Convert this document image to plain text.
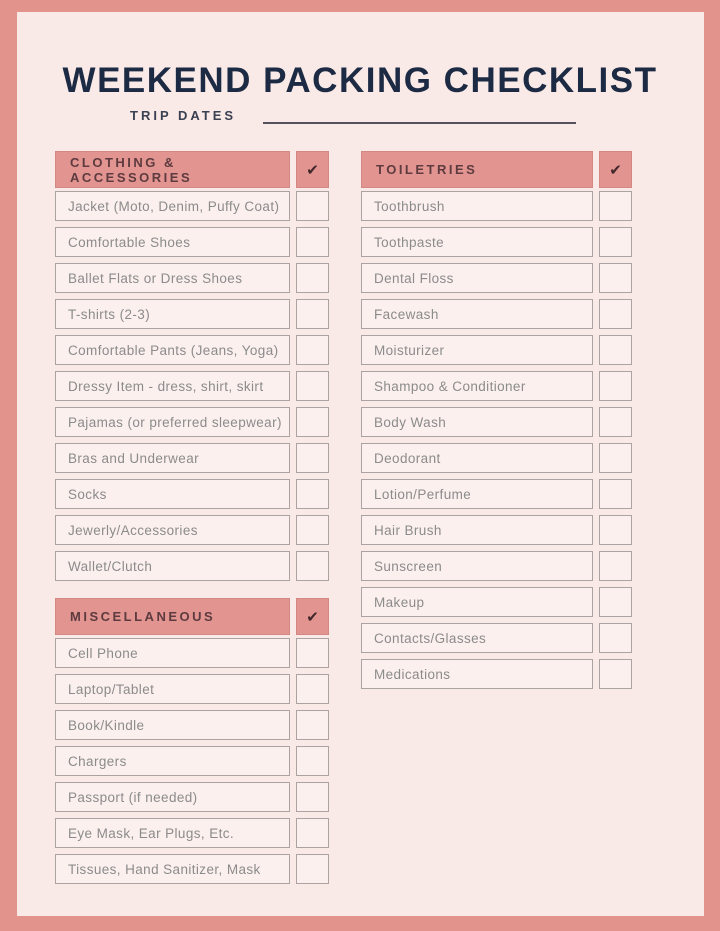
WEEKEND PACKING CHECKLIST
TRIP DATES
CLOTHING & ACCESSORIES	✔
Jacket (Moto, Denim, Puffy Coat)
Comfortable Shoes
Ballet Flats or Dress Shoes
T-shirts (2-3)
Comfortable Pants (Jeans, Yoga)
Dressy Item - dress, shirt, skirt
Pajamas (or preferred sleepwear)
Bras and Underwear
Socks
Jewerly/Accessories
Wallet/Clutch
MISCELLANEOUS	✔
Cell Phone
Laptop/Tablet
Book/Kindle
Chargers
Passport (if needed)
Eye Mask, Ear Plugs, Etc.
Tissues, Hand Sanitizer, Mask
TOILETRIES	✔
Toothbrush
Toothpaste
Dental Floss
Facewash
Moisturizer
Shampoo & Conditioner
Body Wash
Deodorant
Lotion/Perfume
Hair Brush
Sunscreen
Makeup
Contacts/Glasses
Medications
